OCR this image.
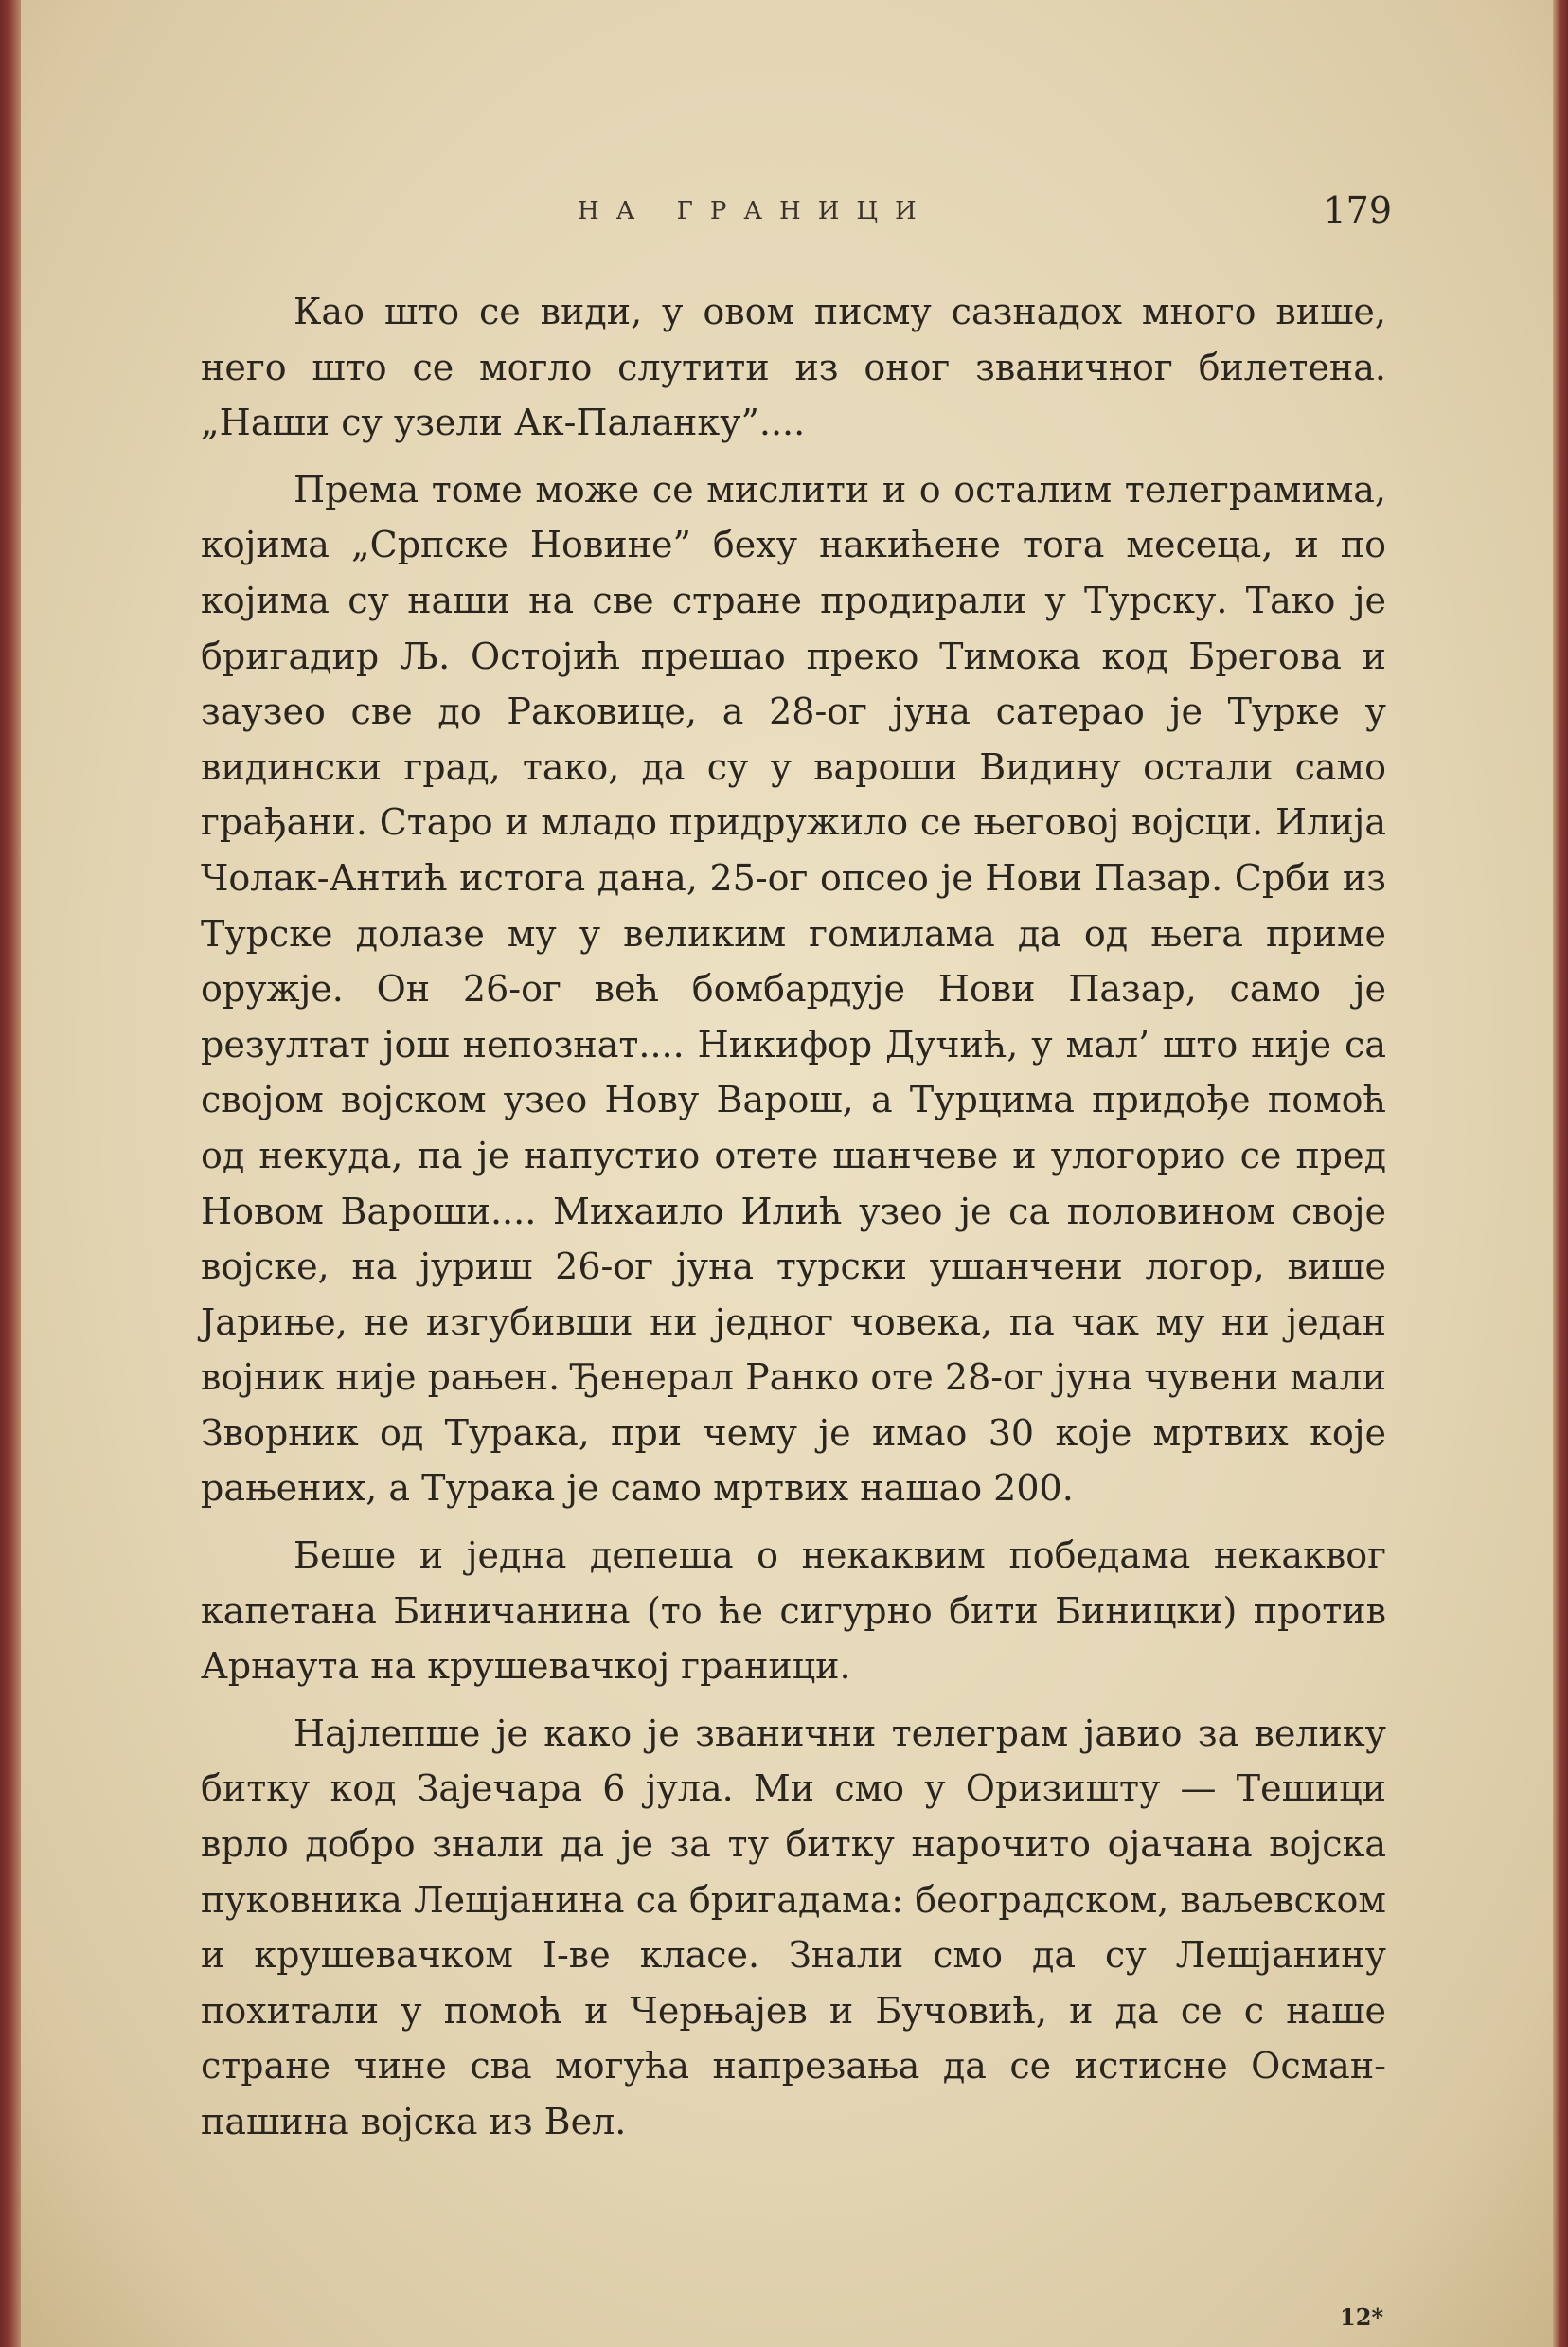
НА ГРАНИЦИ	179

Као што се види, у овом писму сазнадох много више, него што се могло слутити из оног званичног билетена. „Наши су узели Ак-Паланку”....

Према томе може се мислити и о осталим телеграмима, којима „Српске Новине” беху накићене тога месеца, и по којима су наши на све стране продирали у Турску. Тако је бригадир Љ. Остојић прешао преко Тимока код Брегова и заузео све до Раковице, а 28-ог јуна сатерао је Турке у видински град, тако, да су у вароши Видину остали само грађани. Старо и младо придружило се његовој војсци. Илија Чолак-Антић истога дана, 25-ог опсео је Нови Пазар. Срби из Турске долазе му у великим гомилама да од њега приме оружје. Он 26-ог већ бомбардује Нови Пазар, само је резултат још непознат.... Никифор Дучић, у мал’ што није са својом војском узео Нову Варош, а Турцима придође помоћ од некуда, па је напустио отете шанчеве и улогорио се пред Новом Вароши.... Михаило Илић узео је са половином своје војске, на јуриш 26-ог јуна турски ушанчени логор, више Јариње, не изгубивши ни једног човека, па чак му ни један војник није рањен. Ђенерал Ранко оте 28-ог јуна чувени мали Зворник од Турака, при чему је имао 30 које мртвих које рањених, а Турака је само мртвих нашао 200.

Беше и једна депеша о некаквим победама некаквог капетана Биничанина (то ће сигурно бити Биницки) против Арнаута на крушевачкој граници.

Најлепше је како је званични телеграм јавио за велику битку код Зајечара 6 јула. Ми смо у Оризишту — Тешици врло добро знали да је за ту битку нарочито ојачана војска пуковника Лешјанина са бригадама: београдском, ваљевском и крушевачком I-ве класе. Знали смо да су Лешјанину похитали у помоћ и Черњајев и Бучовић, и да се с наше стране чине сва могућа напрезања да се истисне Осман-пашина војска из Вел.

12*
